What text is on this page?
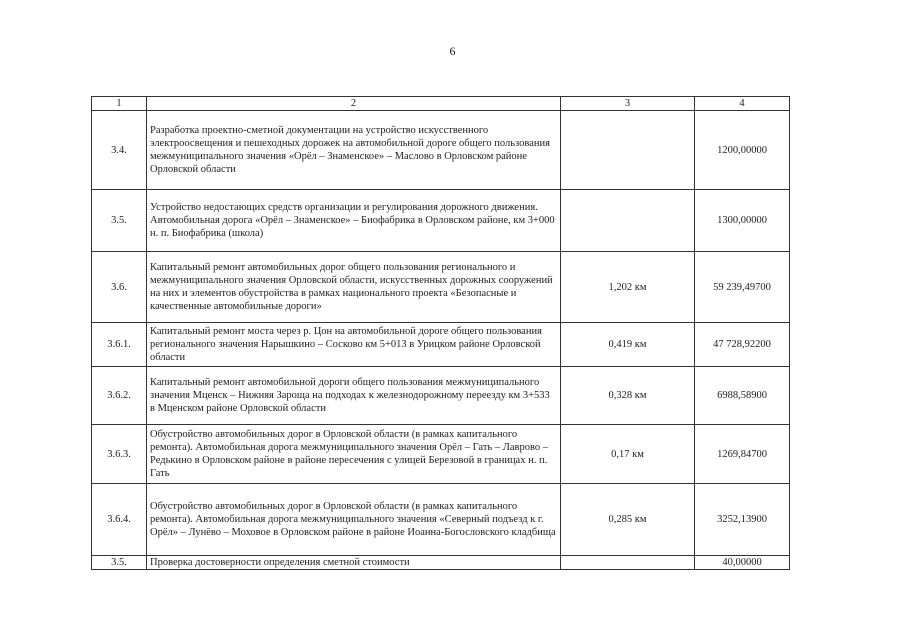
6
1	2	3	4
3.4.	Разработка проектно-сметной документации на устройство искусственного электроосвещения и пешеходных дорожек на автомобильной дороге общего пользования межмуниципального значения «Орёл – Знаменское» – Маслово в Орловском районе Орловской области		1200,00000
3.5.	Устройство недостающих средств организации и регулирования дорожного движения. Автомобильная дорога «Орёл – Знаменское» – Биофабрика в Орловском районе, км 3+000 н. п. Биофабрика (школа)		1300,00000
3.6.	Капитальный ремонт автомобильных дорог общего пользования регионального и межмуниципального значения Орловской области, искусственных дорожных сооружений на них и элементов обустройства в рамках национального проекта «Безопасные и качественные автомобильные дороги»	1,202 км	59 239,49700
3.6.1.	Капитальный ремонт моста через р. Цон на автомобильной дороге общего пользования регионального значения Нарышкино – Сосково км 5+013 в Урицком районе Орловской области	0,419 км	47 728,92200
3.6.2.	Капитальный ремонт автомобильной дороги общего пользования межмуниципального значения Мценск – Нижняя Зароща на подходах к железнодорожному переезду км 3+533 в Мценском районе Орловской области	0,328 км	6988,58900
3.6.3.	Обустройство автомобильных дорог в Орловской области (в рамках капитального ремонта). Автомобильная дорога межмуниципального значения Орёл – Гать – Лаврово – Редькино в Орловском районе в районе пересечения с улицей Березовой в границах н. п. Гать	0,17 км	1269,84700
3.6.4.	Обустройство автомобильных дорог в Орловской области (в рамках капитального ремонта). Автомобильная дорога межмуниципального значения «Северный подъезд к г. Орёл» – Лунёво – Моховое в Орловском районе в районе Иоанна-Богословского кладбища	0,285 км	3252,13900
3.5.	Проверка достоверности определения сметной стоимости		40,00000
